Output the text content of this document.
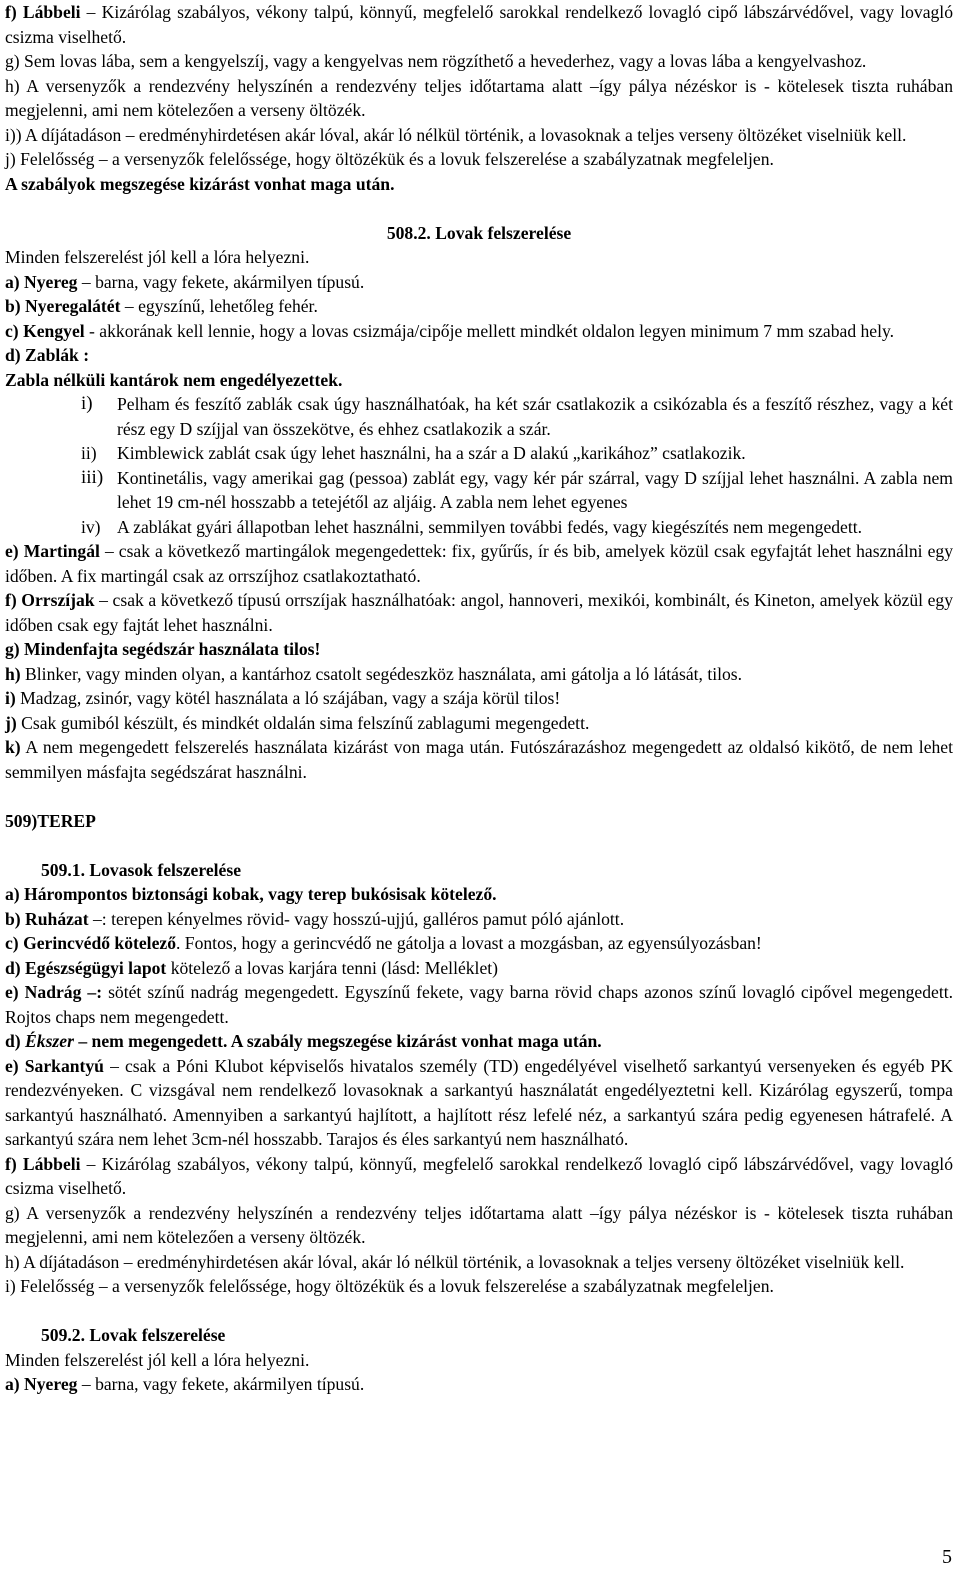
f) Lábbeli – Kizárólag szabályos, vékony talpú, könnyű, megfelelő sarokkal rendelkező lovagló cipő lábszárvédővel, vagy lovagló csizma viselhető.

g) Sem lovas lába, sem a kengyelszíj, vagy a kengyelvas nem rögzíthető a hevederhez, vagy a lovas lába a kengyelvashoz.

h) A versenyzők a rendezvény helyszínén a rendezvény teljes időtartama alatt –így pálya nézéskor is - kötelesek tiszta ruhában megjelenni, ami nem kötelezően a verseny öltözék.

i)) A díjátadáson – eredményhirdetésen akár lóval, akár ló nélkül történik, a lovasoknak a teljes verseny öltözéket viselniük kell.

j) Felelősség – a versenyzők felelőssége, hogy öltözékük és a lovuk felszerelése a szabályzatnak megfeleljen.

A szabályok megszegése kizárást vonhat maga után.

508.2. Lovak felszerelése

Minden felszerelést jól kell a lóra helyezni.

a) Nyereg – barna, vagy fekete, akármilyen típusú.

b) Nyeregalátét – egyszínű, lehetőleg fehér.

c) Kengyel - akkorának kell lennie, hogy a lovas csizmája/cipője mellett mindkét oldalon legyen minimum 7 mm szabad hely.

d) Zablák :

Zabla nélküli kantárok nem engedélyezettek.

i)	Pelham és feszítő zablák csak úgy használhatóak, ha két szár csatlakozik a csikózabla és a feszítő részhez, vagy a két rész egy D szíjjal van összekötve, és ehhez csatlakozik a szár.
ii)	Kimblewick zablát csak úgy lehet használni, ha a szár a D alakú „karikához” csatlakozik.
iii) Kontinetális, vagy amerikai gag (pessoa) zablát egy, vagy kér pár szárral, vagy D szíjjal lehet használni. A zabla nem lehet 19 cm-nél hosszabb a tetejétől az aljáig. A zabla nem lehet egyenes
iv) A zablákat gyári állapotban lehet használni, semmilyen további fedés, vagy kiegészítés nem megengedett.

e) Martingál – csak a következő martingálok megengedettek: fix, gyűrűs, ír és bib, amelyek közül csak egyfajtát lehet használni egy időben. A fix martingál csak az orrszíjhoz csatlakoztatható.

f) Orrszíjak – csak a következő típusú orrszíjak használhatóak: angol, hannoveri, mexikói, kombinált, és Kineton, amelyek közül egy időben csak egy fajtát lehet használni.

g) Mindenfajta segédszár használata tilos!

h) Blinker, vagy minden olyan, a kantárhoz csatolt segédeszköz használata, ami gátolja a ló látását, tilos.

i) Madzag, zsinór, vagy kötél használata a ló szájában, vagy a szája körül tilos!

j) Csak gumiból készült, és mindkét oldalán sima felszínű zablagumi megengedett.

k) A nem megengedett felszerelés használata kizárást von maga után. Futószárazáshoz megengedett az oldalsó kikötő, de nem lehet semmilyen másfajta segédszárat használni.

509)TEREP

509.1. Lovasok felszerelése

a) Hárompontos biztonsági kobak, vagy terep bukósisak kötelező.

b) Ruházat –: terepen kényelmes rövid- vagy hosszú-ujjú, galléros pamut póló ajánlott.

c) Gerincvédő kötelező. Fontos, hogy a gerincvédő ne gátolja a lovast a mozgásban, az egyensúlyozásban!

d) Egészségügyi lapot kötelező a lovas karjára tenni (lásd: Melléklet)

e) Nadrág –: sötét színű nadrág megengedett. Egyszínű fekete, vagy barna rövid chaps azonos színű lovagló cipővel megengedett. Rojtos chaps nem megengedett.

d) Ékszer – nem megengedett. A szabály megszegése kizárást vonhat maga után.

e) Sarkantyú – csak a Póni Klubot képviselős hivatalos személy (TD) engedélyével viselhető sarkantyú versenyeken és egyéb PK rendezvényeken. C vizsgával nem rendelkező lovasoknak a sarkantyú használatát engedélyeztetni kell. Kizárólag egyszerű, tompa sarkantyú használható. Amennyiben a sarkantyú hajlított, a hajlított rész lefelé néz, a sarkantyú szára pedig egyenesen hátrafelé. A sarkantyú szára nem lehet 3cm-nél hosszabb. Tarajos és éles sarkantyú nem használható.

f) Lábbeli – Kizárólag szabályos, vékony talpú, könnyű, megfelelő sarokkal rendelkező lovagló cipő lábszárvédővel, vagy lovagló csizma viselhető.

g) A versenyzők a rendezvény helyszínén a rendezvény teljes időtartama alatt –így pálya nézéskor is - kötelesek tiszta ruhában megjelenni, ami nem kötelezően a verseny öltözék.

h) A díjátadáson – eredményhirdetésen akár lóval, akár ló nélkül történik, a lovasoknak a teljes verseny öltözéket viselniük kell.

i) Felelősség – a versenyzők felelőssége, hogy öltözékük és a lovuk felszerelése a szabályzatnak megfeleljen.

509.2. Lovak felszerelése

Minden felszerelést jól kell a lóra helyezni.

a) Nyereg – barna, vagy fekete, akármilyen típusú.

5
